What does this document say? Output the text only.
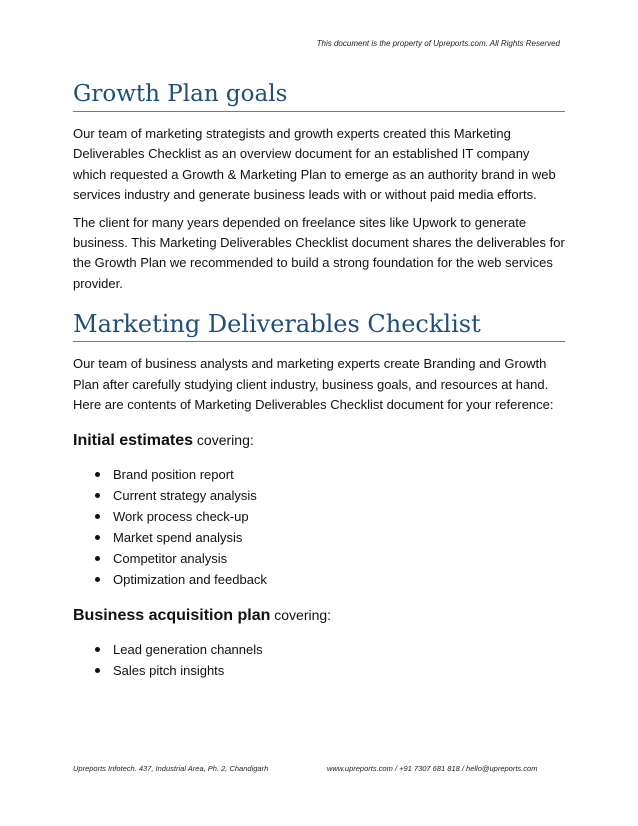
This document is the property of Upreports.com. All Rights Reserved
Growth Plan goals

Our team of marketing strategists and growth experts created this Marketing Deliverables Checklist as an overview document for an established IT company which requested a Growth & Marketing Plan to emerge as an authority brand in web services industry and generate business leads with or without paid media efforts.

The client for many years depended on freelance sites like Upwork to generate business. This Marketing Deliverables Checklist document shares the deliverables for the Growth Plan we recommended to build a strong foundation for the web services provider.

Marketing Deliverables Checklist

Our team of business analysts and marketing experts create Branding and Growth Plan after carefully studying client industry, business goals, and resources at hand. Here are contents of Marketing Deliverables Checklist document for your reference:

Initial estimates covering:
Brand position report
Current strategy analysis
Work process check-up
Market spend analysis
Competitor analysis
Optimization and feedback
Business acquisition plan covering:
Lead generation channels
Sales pitch insights
Upreports Infotech. 437, Industrial Area, Ph. 2, Chandigarh	www.upreports.com / +91 7307 681 818 / hello@upreports.com
